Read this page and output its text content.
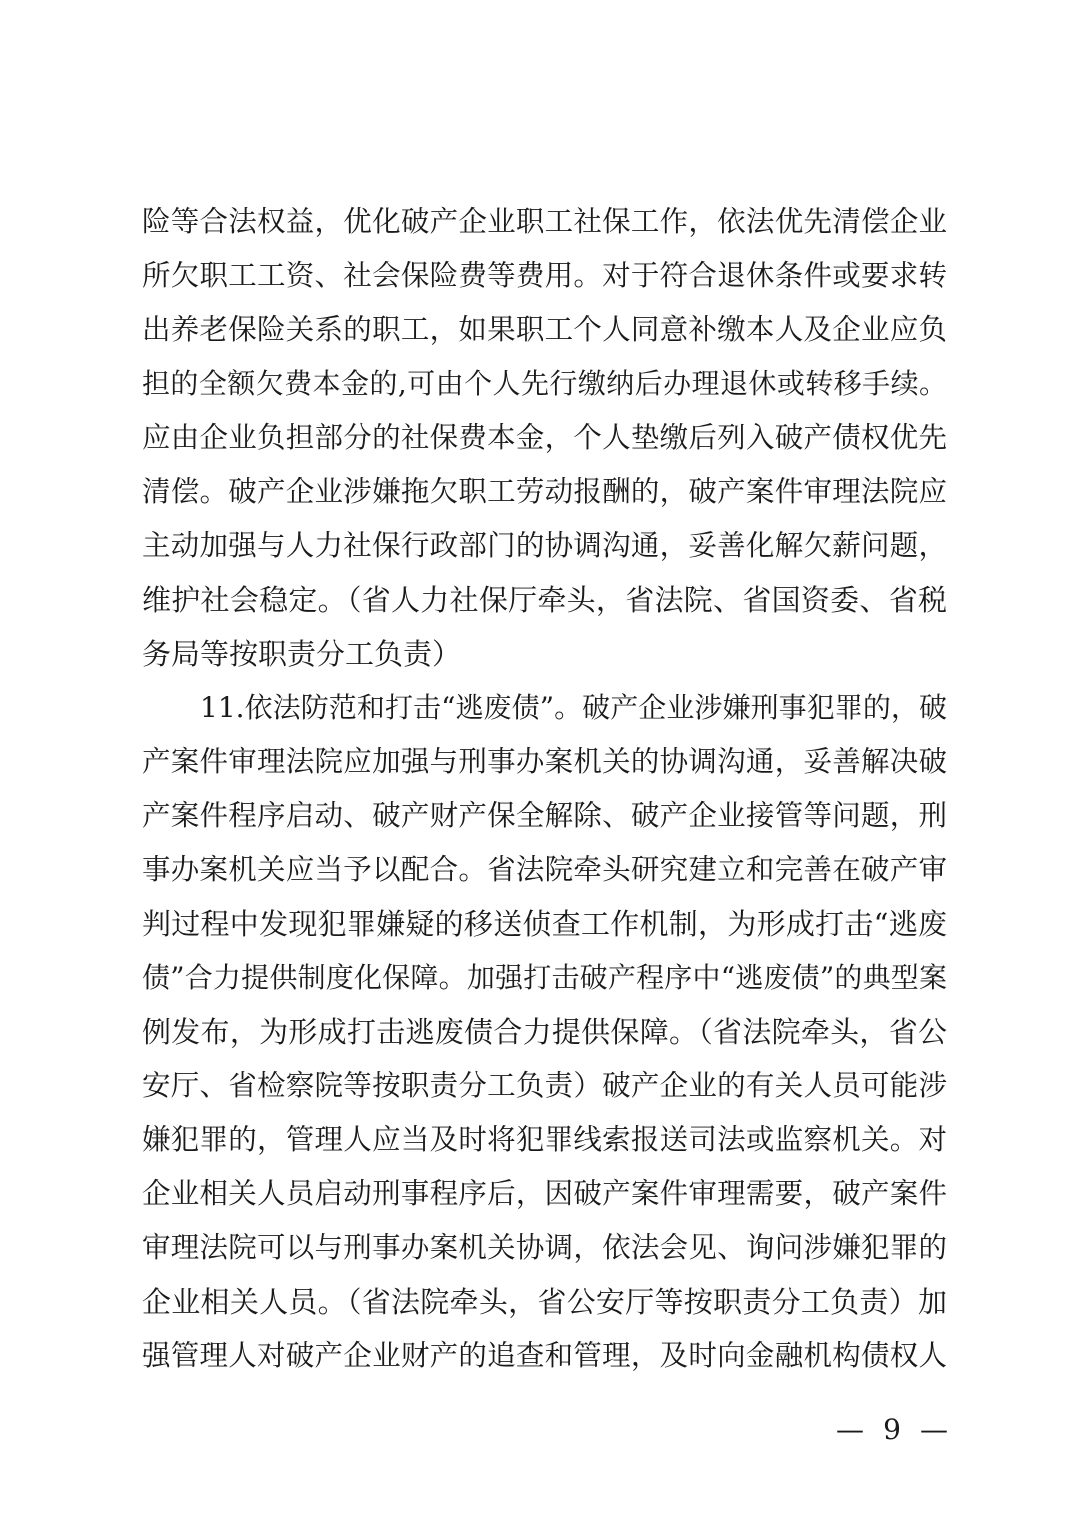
险等合法权益，优化破产企业职工社保工作，依法优先清偿企业
所欠职工工资、社会保险费等费用。对于符合退休条件或要求转
出养老保险关系的职工，如果职工个人同意补缴本人及企业应负
担的全额欠费本金的,可由个人先行缴纳后办理退休或转移手续。
应由企业负担部分的社保费本金，个人垫缴后列入破产债权优先
清偿。破产企业涉嫌拖欠职工劳动报酬的，破产案件审理法院应
主动加强与人力社保行政部门的协调沟通，妥善化解欠薪问题，
维护社会稳定。（省人力社保厅牵头，省法院、省国资委、省税
务局等按职责分工负责）
11.依法防范和打击“逃废债”。破产企业涉嫌刑事犯罪的，破
产案件审理法院应加强与刑事办案机关的协调沟通，妥善解决破
产案件程序启动、破产财产保全解除、破产企业接管等问题，刑
事办案机关应当予以配合。省法院牵头研究建立和完善在破产审
判过程中发现犯罪嫌疑的移送侦查工作机制，为形成打击“逃废
债”合力提供制度化保障。加强打击破产程序中“逃废债”的典型案
例发布，为形成打击逃废债合力提供保障。（省法院牵头，省公
安厅、省检察院等按职责分工负责）破产企业的有关人员可能涉
嫌犯罪的，管理人应当及时将犯罪线索报送司法或监察机关。对
企业相关人员启动刑事程序后，因破产案件审理需要，破产案件
审理法院可以与刑事办案机关协调，依法会见、询问涉嫌犯罪的
企业相关人员。（省法院牵头，省公安厅等按职责分工负责）加
强管理人对破产企业财产的追查和管理，及时向金融机构债权人
— 9 —
